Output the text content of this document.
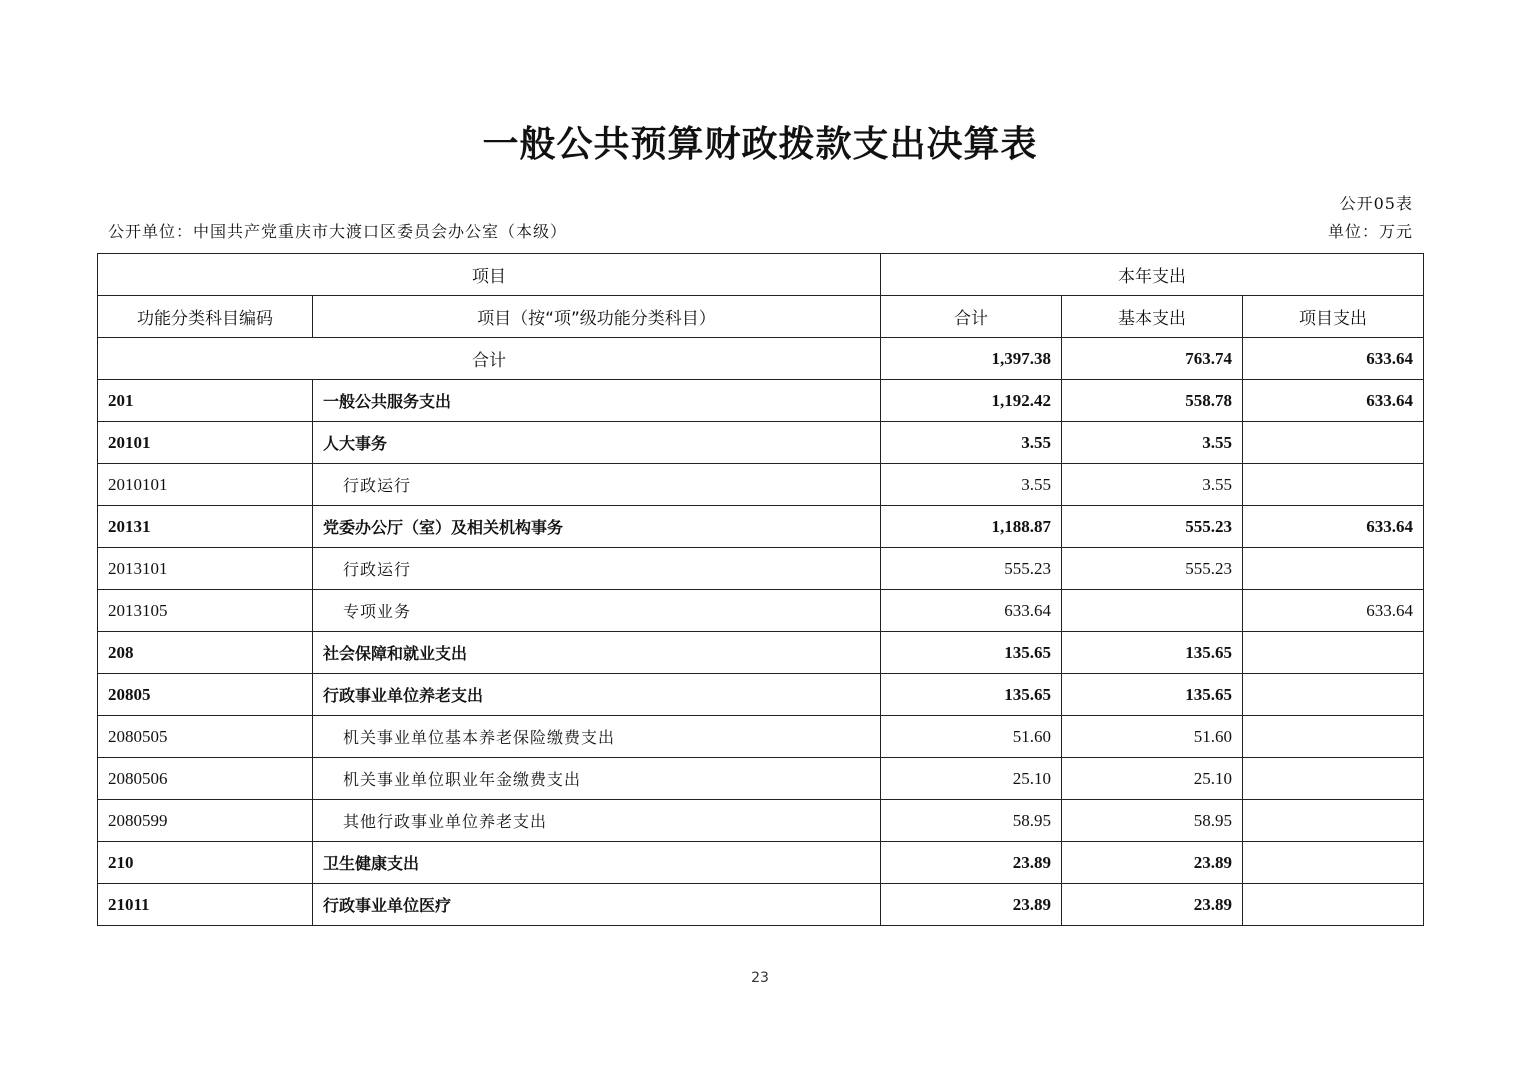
一般公共预算财政拨款支出决算表
公开05表
公开单位：中国共产党重庆市大渡口区委员会办公室（本级）	单位：万元
项目		本年支出		
功能分类科目编码	项目（按“项”级功能分类科目）	合计	基本支出	项目支出
合计		1,397.38	763.74	633.64
201	一般公共服务支出	1,192.42	558.78	633.64
20101	人大事务	3.55	3.55	
2010101	行政运行	3.55	3.55	
20131	党委办公厅（室）及相关机构事务	1,188.87	555.23	633.64
2013101	行政运行	555.23	555.23	
2013105	专项业务	633.64		633.64
208	社会保障和就业支出	135.65	135.65	
20805	行政事业单位养老支出	135.65	135.65	
2080505	机关事业单位基本养老保险缴费支出	51.60	51.60	
2080506	机关事业单位职业年金缴费支出	25.10	25.10	
2080599	其他行政事业单位养老支出	58.95	58.95	
210	卫生健康支出	23.89	23.89	
21011	行政事业单位医疗	23.89	23.89	
23
